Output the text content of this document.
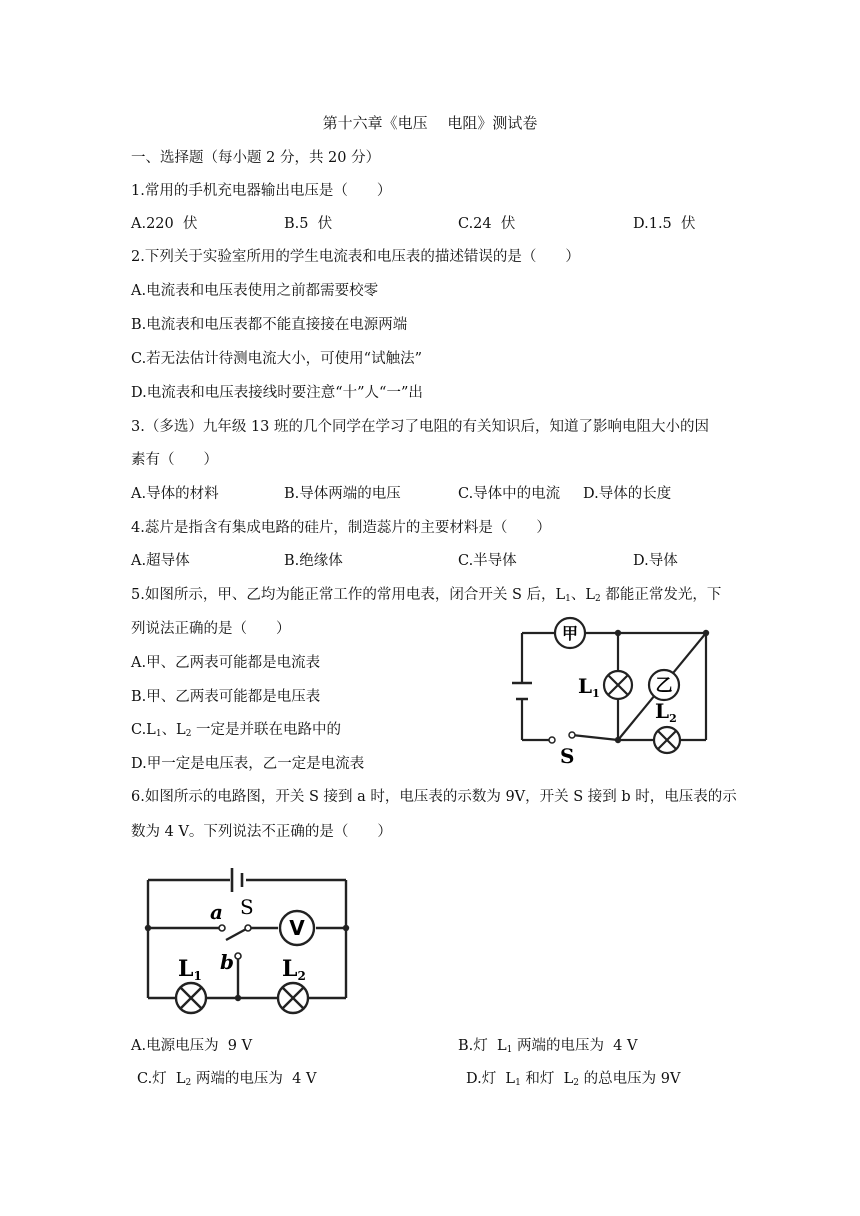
第十六章《电压　 电阻》测试卷
一、选择题（每小题 2 分，共 20 分）
1.常用的手机充电器输出电压是（　　）
A.220  伏	B.5  伏	C.24  伏	D.1.5  伏
2.下列关于实验室所用的学生电流表和电压表的描述错误的是（　　）
A.电流表和电压表使用之前都需要校零
B.电流表和电压表都不能直接接在电源两端
C.若无法估计待测电流大小，可使用“试触法”
D.电流表和电压表接线时要注意“十”人“一”出
3.（多选）九年级 13 班的几个同学在学习了电阻的有关知识后，知道了影响电阻大小的因
素有（　　）
A.导体的材料	B.导体两端的电压	C.导体中的电流 D.导体的长度
4.蕊片是指含有集成电路的硅片，制造蕊片的主要材料是（　　）
A.超导体	B.绝缘体	C.半导体	D.导体
5.如图所示，甲、乙均为能正常工作的常用电表，闭合开关 S 后，$L_1$、$L_2$ 都能正常发光，下
列说法正确的是（　　）
A.甲、乙两表可能都是电流表
B.甲、乙两表可能都是电压表
$C.L_1$、$L_2$ 一定是并联在电路中的
D.甲一定是电压表，乙一定是电流表
甲
乙
$L_1$
$L_2$
S
6.如图所示的电路图，开关 S 接到 a 时，电压表的示数为 9V，开关 S 接到 b 时，电压表的示
数为 4 V。下列说法不正确的是（　　）
a S
b
V
L1	L2
A.电源电压为  9 V	B.灯  $L_1$ 两端的电压为  4 V
C.灯  $L_2$ 两端的电压为  4 V	D.灯  $L_1$ 和灯  $L_2$ 的总电压为 9V
